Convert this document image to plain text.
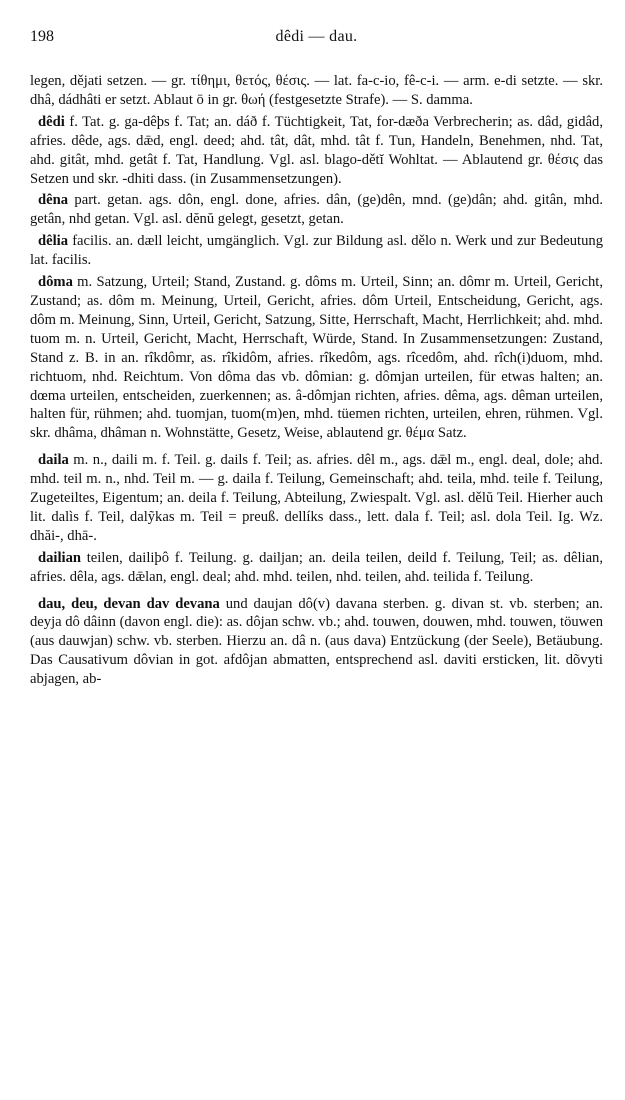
198	dêdi — dau.

legen, dějati setzen. — gr. τίθημι, θετός, θέσις. — lat. fa-c-io, fê-c-i. — arm. e-di setzte. — skr. dhâ, dádhâti er setzt. Ablaut ō in gr. θωή (festgesetzte Strafe). — S. damma.

dêdi f. Tat. g. ga-dêþs f. Tat; an. dáð f. Tüchtigkeit, Tat, for-dæða Verbrecherin; as. dâd, gidâd, afries. dêde, ags. dǣd, engl. deed; ahd. tât, dât, mhd. tât f. Tun, Handeln, Benehmen, nhd. Tat, ahd. gitât, mhd. getât f. Tat, Handlung. Vgl. asl. blago-dětĭ Wohltat. — Ablautend gr. θέσις das Setzen und skr. -dhiti dass. (in Zusammensetzungen).

dêna part. getan. ags. dôn, engl. done, afries. dân, (ge)dên, mnd. (ge)dân; ahd. gitân, mhd. getân, nhd getan. Vgl. asl. dĕnŭ gelegt, gesetzt, getan.

dêlia facilis. an. dæll leicht, umgänglich. Vgl. zur Bildung asl. dělo n. Werk und zur Bedeutung lat. facilis.

dôma m. Satzung, Urteil; Stand, Zustand. g. dôms m. Urteil, Sinn; an. dômr m. Urteil, Gericht, Zustand; as. dôm m. Meinung, Urteil, Gericht, afries. dôm Urteil, Entscheidung, Gericht, ags. dôm m. Meinung, Sinn, Urteil, Gericht, Satzung, Sitte, Herrschaft, Macht, Herrlichkeit; ahd. mhd. tuom m. n. Urteil, Gericht, Macht, Herrschaft, Würde, Stand. In Zusammensetzungen: Zustand, Stand z. B. in an. rîkdômr, as. rîkidôm, afries. rîkedôm, ags. rîcedôm, ahd. rîch(i)duom, mhd. richtuom, nhd. Reichtum. Von dôma das vb. dômian: g. dômjan urteilen, für etwas halten; an. dœma urteilen, entscheiden, zuerkennen; as. â-dômjan richten, afries. dêma, ags. dêman urteilen, halten für, rühmen; ahd. tuomjan, tuom(m)en, mhd. tüemen richten, urteilen, ehren, rühmen. Vgl. skr. dhâma, dhâman n. Wohnstätte, Gesetz, Weise, ablautend gr. θέμα Satz.

daila m. n., daili m. f. Teil. g. dails f. Teil; as. afries. dêl m., ags. dǣl m., engl. deal, dole; ahd. mhd. teil m. n., nhd. Teil m. — g. daila f. Teilung, Gemeinschaft; ahd. teila, mhd. teile f. Teilung, Zugeteiltes, Eigentum; an. deila f. Teilung, Abteilung, Zwiespalt. Vgl. asl. dělŭ Teil. Hierher auch lit. dalìs f. Teil, dalỹkas m. Teil = preuß. dellíks dass., lett. dala f. Teil; asl. dola Teil. Ig. Wz. dhăi-, dhā-.

dailian teilen, dailiþô f. Teilung. g. dailjan; an. deila teilen, deild f. Teilung, Teil; as. dêlian, afries. dêla, ags. dǣlan, engl. deal; ahd. mhd. teilen, nhd. teilen, ahd. teilida f. Teilung.

dau, deu, devan dav devana und daujan dô(v) davana sterben. g. divan st. vb. sterben; an. deyja dô dâinn (davon engl. die): as. dôjan schw. vb.; ahd. touwen, douwen, mhd. touwen, töuwen (aus dauwjan) schw. vb. sterben. Hierzu an. dâ n. (aus dava) Entzückung (der Seele), Betäubung. Das Causativum dôvian in got. afdôjan abmatten, entsprechend asl. daviti ersticken, lit. dõvyti abjagen, ab-
